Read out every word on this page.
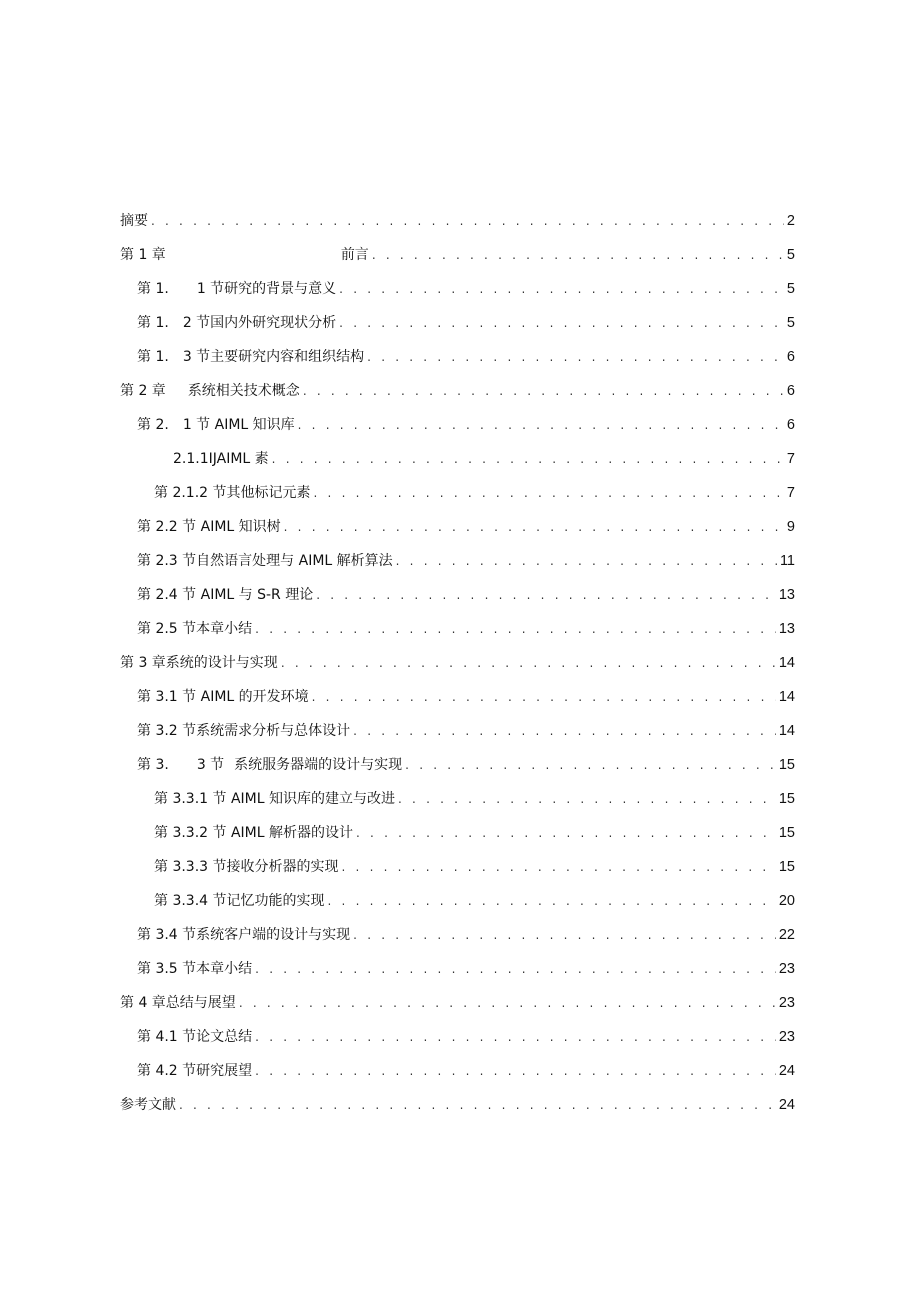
摘要 . . .	2
第 1 章	前言 . . .	5
第 1. 1 节研究的背景与意义 . . .	5
第 1. 2 节国内外研究现状分析 . . .	5
第 1. 3 节主要研究内容和组织结构 . . .	6
第 2 章 系统相关技术概念 . . .	6
第 2. 1 节 AIML 知识库 . . .	6
2.1.1IJAIML 素 . . .	7
第 2.1.2 节其他标记元素 . . .	7
第 2.2 节 AIML 知识树 . . .	9
第 2.3 节自然语言处理与 AIML 解析算法 . . .	11
第 2.4 节 AIML 与 S-R 理论 . . .	13
第 2.5 节本章小结 . . .	13
第 3 章系统的设计与实现 . . .	14
第 3.1 节 AIML 的开发环境 . . .	14
第 3.2 节系统需求分析与总体设计 . . .	14
第 3. 3 节 系统服务器端的设计与实现 . . .	15
第 3.3.1 节 AIML 知识库的建立与改进 . . .	15
第 3.3.2 节 AIML 解析器的设计 . . .	15
第 3.3.3 节接收分析器的实现 . . .	15
第 3.3.4 节记忆功能的实现 . . .	20
第 3.4 节系统客户端的设计与实现 . . .	22
第 3.5 节本章小结 . . .	23
第 4 章总结与展望 . . .	23
第 4.1 节论文总结 . . .	23
第 4.2 节研究展望 . . .	24
参考文献 . . .	24
